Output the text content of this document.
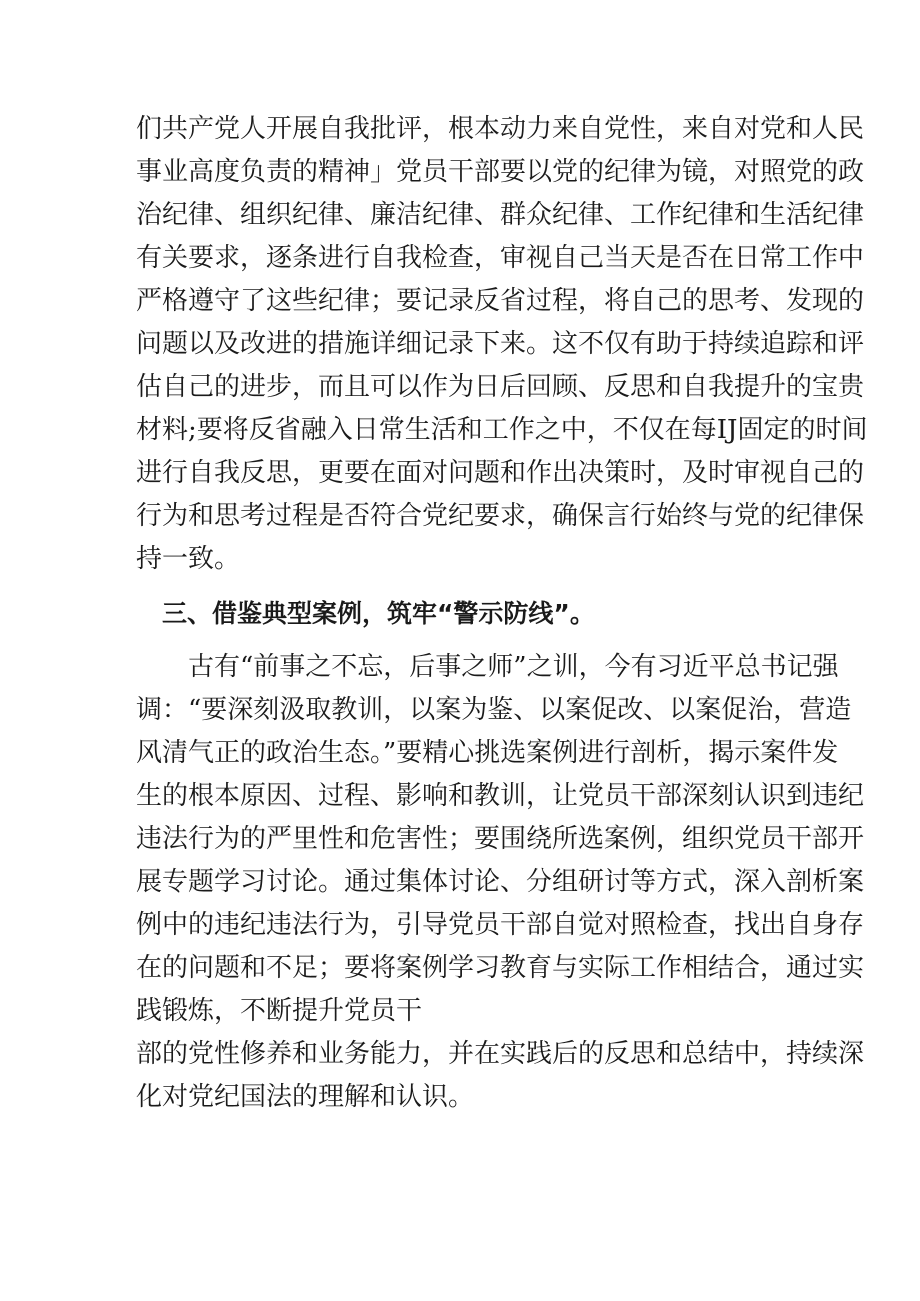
们共产党人开展自我批评，根本动力来自党性，来自对党和人民
事业高度负责的精神」党员干部要以党的纪律为镜，对照党的政
治纪律、组织纪律、廉洁纪律、群众纪律、工作纪律和生活纪律
有关要求，逐条进行自我检查，审视自己当天是否在日常工作中
严格遵守了这些纪律；要记录反省过程，将自己的思考、发现的
问题以及改进的措施详细记录下来。这不仅有助于持续追踪和评
估自己的进步，而且可以作为日后回顾、反思和自我提升的宝贵
材料;要将反省融入日常生活和工作之中，不仅在每IJ固定的时间
进行自我反思，更要在面对问题和作出决策时，及时审视自己的
行为和思考过程是否符合党纪要求，确保言行始终与党的纪律保
持一致。
三、借鉴典型案例，筑牢“警示防线”。
古有“前事之不忘，后事之师”之训，今有习近平总书记强
调：“要深刻汲取教训，以案为鉴、以案促改、以案促治，营造
风清气正的政治生态。”要精心挑选案例进行剖析，揭示案件发
生的根本原因、过程、影响和教训，让党员干部深刻认识到违纪
违法行为的严里性和危害性；要围绕所选案例，组织党员干部开
展专题学习讨论。通过集体讨论、分组研讨等方式，深入剖析案
例中的违纪违法行为，引导党员干部自觉对照检查，找出自身存
在的问题和不足；要将案例学习教育与实际工作相结合，通过实
践锻炼，不断提升党员干
部的党性修养和业务能力，并在实践后的反思和总结中，持续深
化对党纪国法的理解和认识。
